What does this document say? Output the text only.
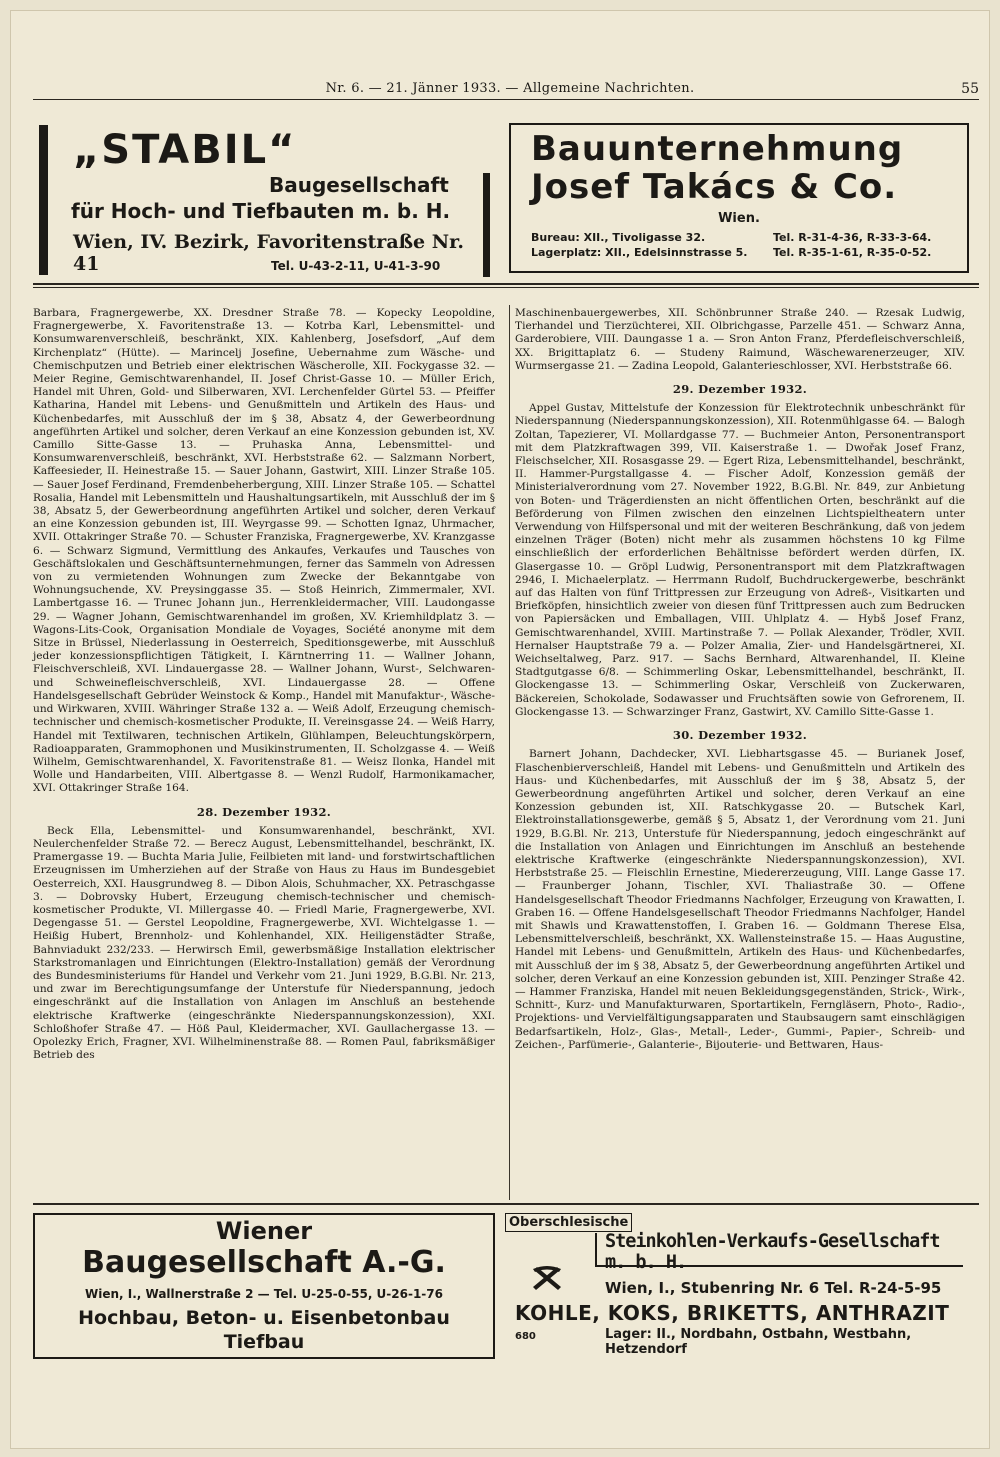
Nr. 6. — 21. Jänner 1933. — Allgemeine Nachrichten.	55
„STABIL“
Baugesellschaft
für Hoch- und Tiefbauten m. b. H.
Wien, IV. Bezirk, Favoritenstraße Nr. 41	Tel. U-43-2-11, U-41-3-90
Bauunternehmung
Josef Takács & Co.
Wien.
Bureau: XII., Tivoligasse 32.	Tel. R-31-4-36, R-33-3-64.
Lagerplatz: XII., Edelsinnstrasse 5. Tel. R-35-1-61, R-35-0-52.

Barbara, Fragnergewerbe, XX. Dresdner Straße 78. — Kopecky Leopoldine, Fragnergewerbe, X. Favoritenstraße 13. — Kotrba Karl, Lebensmittel- und Konsumwarenverschleiß, beschränkt, XIX. Kahlenberg, Josefsdorf, „Auf dem Kirchenplatz“ (Hütte). — Marincelj Josefine, Uebernahme zum Wäsche- und Chemischputzen und Betrieb einer elektrischen Wäscherolle, XII. Fockygasse 32. — Meier Regine, Gemischtwarenhandel, II. Josef Christ-Gasse 10. — Müller Erich, Handel mit Uhren, Gold- und Silberwaren, XVI. Lerchenfelder Gürtel 53. — Pfeiffer Katharina, Handel mit Lebens- und Genußmitteln und Artikeln des Haus- und Küchenbedarfes, mit Ausschluß der im § 38, Absatz 4, der Gewerbeordnung angeführten Artikel und solcher, deren Verkauf an eine Konzession gebunden ist, XV. Camillo Sitte-Gasse 13. — Pruhaska Anna, Lebensmittel- und Konsumwarenverschleiß, beschränkt, XVI. Herbststraße 62. — Salzmann Norbert, Kaffeesieder, II. Heinestraße 15. — Sauer Johann, Gastwirt, XIII. Linzer Straße 105. — Sauer Josef Ferdinand, Fremdenbeherbergung, XIII. Linzer Straße 105. — Schattel Rosalia, Handel mit Lebensmitteln und Haushaltungsartikeln, mit Ausschluß der im § 38, Absatz 5, der Gewerbeordnung angeführten Artikel und solcher, deren Verkauf an eine Konzession gebunden ist, III. Weyrgasse 99. — Schotten Ignaz, Uhrmacher, XVII. Ottakringer Straße 70. — Schuster Franziska, Fragnergewerbe, XV. Kranzgasse 6. — Schwarz Sigmund, Vermittlung des Ankaufes, Verkaufes und Tausches von Geschäftslokalen und Geschäftsunternehmungen, ferner das Sammeln von Adressen von zu vermietenden Wohnungen zum Zwecke der Bekanntgabe von Wohnungsuchende, XV. Preysinggasse 35. — Stoß Heinrich, Zimmermaler, XVI. Lambertgasse 16. — Trunec Johann jun., Herrenkleidermacher, VIII. Laudongasse 29. — Wagner Johann, Gemischtwarenhandel im großen, XV. Kriemhildplatz 3. — Wagons-Lits-Cook, Organisation Mondiale de Voyages, Société anonyme mit dem Sitze in Brüssel, Niederlassung in Oesterreich, Speditionsgewerbe, mit Ausschluß jeder konzessionspflichtigen Tätigkeit, I. Kärntnerring 11. — Wallner Johann, Fleischverschleiß, XVI. Lindauergasse 28. — Wallner Johann, Wurst-, Selchwaren- und Schweinefleischverschleiß, XVI. Lindauergasse 28. — Offene Handelsgesellschaft Gebrüder Weinstock & Komp., Handel mit Manufaktur-, Wäsche- und Wirkwaren, XVIII. Währinger Straße 132 a. — Weiß Adolf, Erzeugung chemisch-technischer und chemisch-kosmetischer Produkte, II. Vereinsgasse 24. — Weiß Harry, Handel mit Textilwaren, technischen Artikeln, Glühlampen, Beleuchtungskörpern, Radioapparaten, Grammophonen und Musikinstrumenten, II. Scholzgasse 4. — Weiß Wilhelm, Gemischtwarenhandel, X. Favoritenstraße 81. — Weisz Ilonka, Handel mit Wolle und Handarbeiten, VIII. Albertgasse 8. — Wenzl Rudolf, Harmonikamacher, XVI. Ottakringer Straße 164.

28. Dezember 1932.

Beck Ella, Lebensmittel- und Konsumwarenhandel, beschränkt, XVI. Neulerchenfelder Straße 72. — Berecz August, Lebensmittelhandel, beschränkt, IX. Pramergasse 19. — Buchta Maria Julie, Feilbieten mit land- und forstwirtschaftlichen Erzeugnissen im Umherziehen auf der Straße von Haus zu Haus im Bundesgebiet Oesterreich, XXI. Hausgrundweg 8. — Dibon Alois, Schuhmacher, XX. Petraschgasse 3. — Dobrovsky Hubert, Erzeugung chemisch-technischer und chemisch-kosmetischer Produkte, VI. Millergasse 40. — Friedl Marie, Fragnergewerbe, XVI. Degengasse 51. — Gerstel Leopoldine, Fragnergewerbe, XVI. Wichtelgasse 1. — Heißig Hubert, Brennholz- und Kohlenhandel, XIX. Heiligenstädter Straße, Bahnviadukt 232/233. — Herwirsch Emil, gewerbsmäßige Installation elektrischer Starkstromanlagen und Einrichtungen (Elektro-Installation) gemäß der Verordnung des Bundesministeriums für Handel und Verkehr vom 21. Juni 1929, B.G.Bl. Nr. 213, und zwar im Berechtigungsumfange der Unterstufe für Niederspannung, jedoch eingeschränkt auf die Installation von Anlagen im Anschluß an bestehende elektrische Kraftwerke (eingeschränkte Niederspannungskonzession), XXI. Schloßhofer Straße 47. — Höß Paul, Kleidermacher, XVI. Gaullachergasse 13. — Opolezky Erich, Fragner, XVI. Wilhelminenstraße 88. — Romen Paul, fabriksmäßiger Betrieb des

Maschinenbauergewerbes, XII. Schönbrunner Straße 240. — Rzesak Ludwig, Tierhandel und Tierzüchterei, XII. Olbrichgasse, Parzelle 451. — Schwarz Anna, Garderobiere, VIII. Daungasse 1 a. — Sron Anton Franz, Pferdefleischverschleiß, XX. Brigittaplatz 6. — Studeny Raimund, Wäschewarenerzeuger, XIV. Wurmsergasse 21. — Zadina Leopold, Galanterieschlosser, XVI. Herbststraße 66.

29. Dezember 1932.

Appel Gustav, Mittelstufe der Konzession für Elektrotechnik unbeschränkt für Niederspannung (Niederspannungskonzession), XII. Rotenmühlgasse 64. — Balogh Zoltan, Tapezierer, VI. Mollardgasse 77. — Buchmeier Anton, Personentransport mit dem Platzkraftwagen 399, VII. Kaiserstraße 1. — Dwořak Josef Franz, Fleischselcher, XII. Rosasgasse 29. — Egert Riza, Lebensmittelhandel, beschränkt, II. Hammer-Purgstallgasse 4. — Fischer Adolf, Konzession gemäß der Ministerialverordnung vom 27. November 1922, B.G.Bl. Nr. 849, zur Anbietung von Boten- und Trägerdiensten an nicht öffentlichen Orten, beschränkt auf die Beförderung von Filmen zwischen den einzelnen Lichtspieltheatern unter Verwendung von Hilfspersonal und mit der weiteren Beschränkung, daß von jedem einzelnen Träger (Boten) nicht mehr als zusammen höchstens 10 kg Filme einschließlich der erforderlichen Behältnisse befördert werden dürfen, IX. Glasergasse 10. — Gröpl Ludwig, Personentransport mit dem Platzkraftwagen 2946, I. Michaelerplatz. — Herrmann Rudolf, Buchdruckergewerbe, beschränkt auf das Halten von fünf Trittpressen zur Erzeugung von Adreß-, Visitkarten und Briefköpfen, hinsichtlich zweier von diesen fünf Trittpressen auch zum Bedrucken von Papiersäcken und Emballagen, VIII. Uhlplatz 4. — Hybš Josef Franz, Gemischtwarenhandel, XVIII. Martinstraße 7. — Pollak Alexander, Trödler, XVII. Hernalser Hauptstraße 79 a. — Polzer Amalia, Zier- und Handelsgärtnerei, XI. Weichseltalweg, Parz. 917. — Sachs Bernhard, Altwarenhandel, II. Kleine Stadtgutgasse 6/8. — Schimmerling Oskar, Lebensmittelhandel, beschränkt, II. Glockengasse 13. — Schimmerling Oskar, Verschleiß von Zuckerwaren, Bäckereien, Schokolade, Sodawasser und Fruchtsäften sowie von Gefrorenem, II. Glockengasse 13. — Schwarzinger Franz, Gastwirt, XV. Camillo Sitte-Gasse 1.

30. Dezember 1932.

Barnert Johann, Dachdecker, XVI. Liebhartsgasse 45. — Burianek Josef, Flaschenbierverschleiß, Handel mit Lebens- und Genußmitteln und Artikeln des Haus- und Küchenbedarfes, mit Ausschluß der im § 38, Absatz 5, der Gewerbeordnung angeführten Artikel und solcher, deren Verkauf an eine Konzession gebunden ist, XII. Ratschkygasse 20. — Butschek Karl, Elektroinstallationsgewerbe, gemäß § 5, Absatz 1, der Verordnung vom 21. Juni 1929, B.G.Bl. Nr. 213, Unterstufe für Niederspannung, jedoch eingeschränkt auf die Installation von Anlagen und Einrichtungen im Anschluß an bestehende elektrische Kraftwerke (eingeschränkte Niederspannungskonzession), XVI. Herbststraße 25. — Fleischlin Ernestine, Miedererzeugung, VIII. Lange Gasse 17. — Fraunberger Johann, Tischler, XVI. Thaliastraße 30. — Offene Handelsgesellschaft Theodor Friedmanns Nachfolger, Erzeugung von Krawatten, I. Graben 16. — Offene Handelsgesellschaft Theodor Friedmanns Nachfolger, Handel mit Shawls und Krawattenstoffen, I. Graben 16. — Goldmann Therese Elsa, Lebensmittelverschleiß, beschränkt, XX. Wallensteinstraße 15. — Haas Augustine, Handel mit Lebens- und Genußmitteln, Artikeln des Haus- und Küchenbedarfes, mit Ausschluß der im § 38, Absatz 5, der Gewerbeordnung angeführten Artikel und solcher, deren Verkauf an eine Konzession gebunden ist, XIII. Penzinger Straße 42. — Hammer Franziska, Handel mit neuen Bekleidungsgegenständen, Strick-, Wirk-, Schnitt-, Kurz- und Manufakturwaren, Sportartikeln, Ferngläsern, Photo-, Radio-, Projektions- und Vervielfältigungsapparaten und Staubsaugern samt einschlägigen Bedarfsartikeln, Holz-, Glas-, Metall-, Leder-, Gummi-, Papier-, Schreib- und Zeichen-, Parfümerie-, Galanterie-, Bijouterie- und Bettwaren, Haus-

Wiener
Baugesellschaft A.-G.
Wien, I., Wallnerstraße 2 — Tel. U-25-0-55, U-26-1-76
Hochbau, Beton- u. Eisenbetonbau
Tiefbau
Oberschlesische
Steinkohlen-Verkaufs-Gesellschaft m. b. H.
Wien, I., Stubenring Nr. 6 Tel. R-24-5-95
KOHLE, KOKS, BRIKETTS, ANTHRAZIT
680	Lager: II., Nordbahn, Ostbahn, Westbahn, Hetzendorf
